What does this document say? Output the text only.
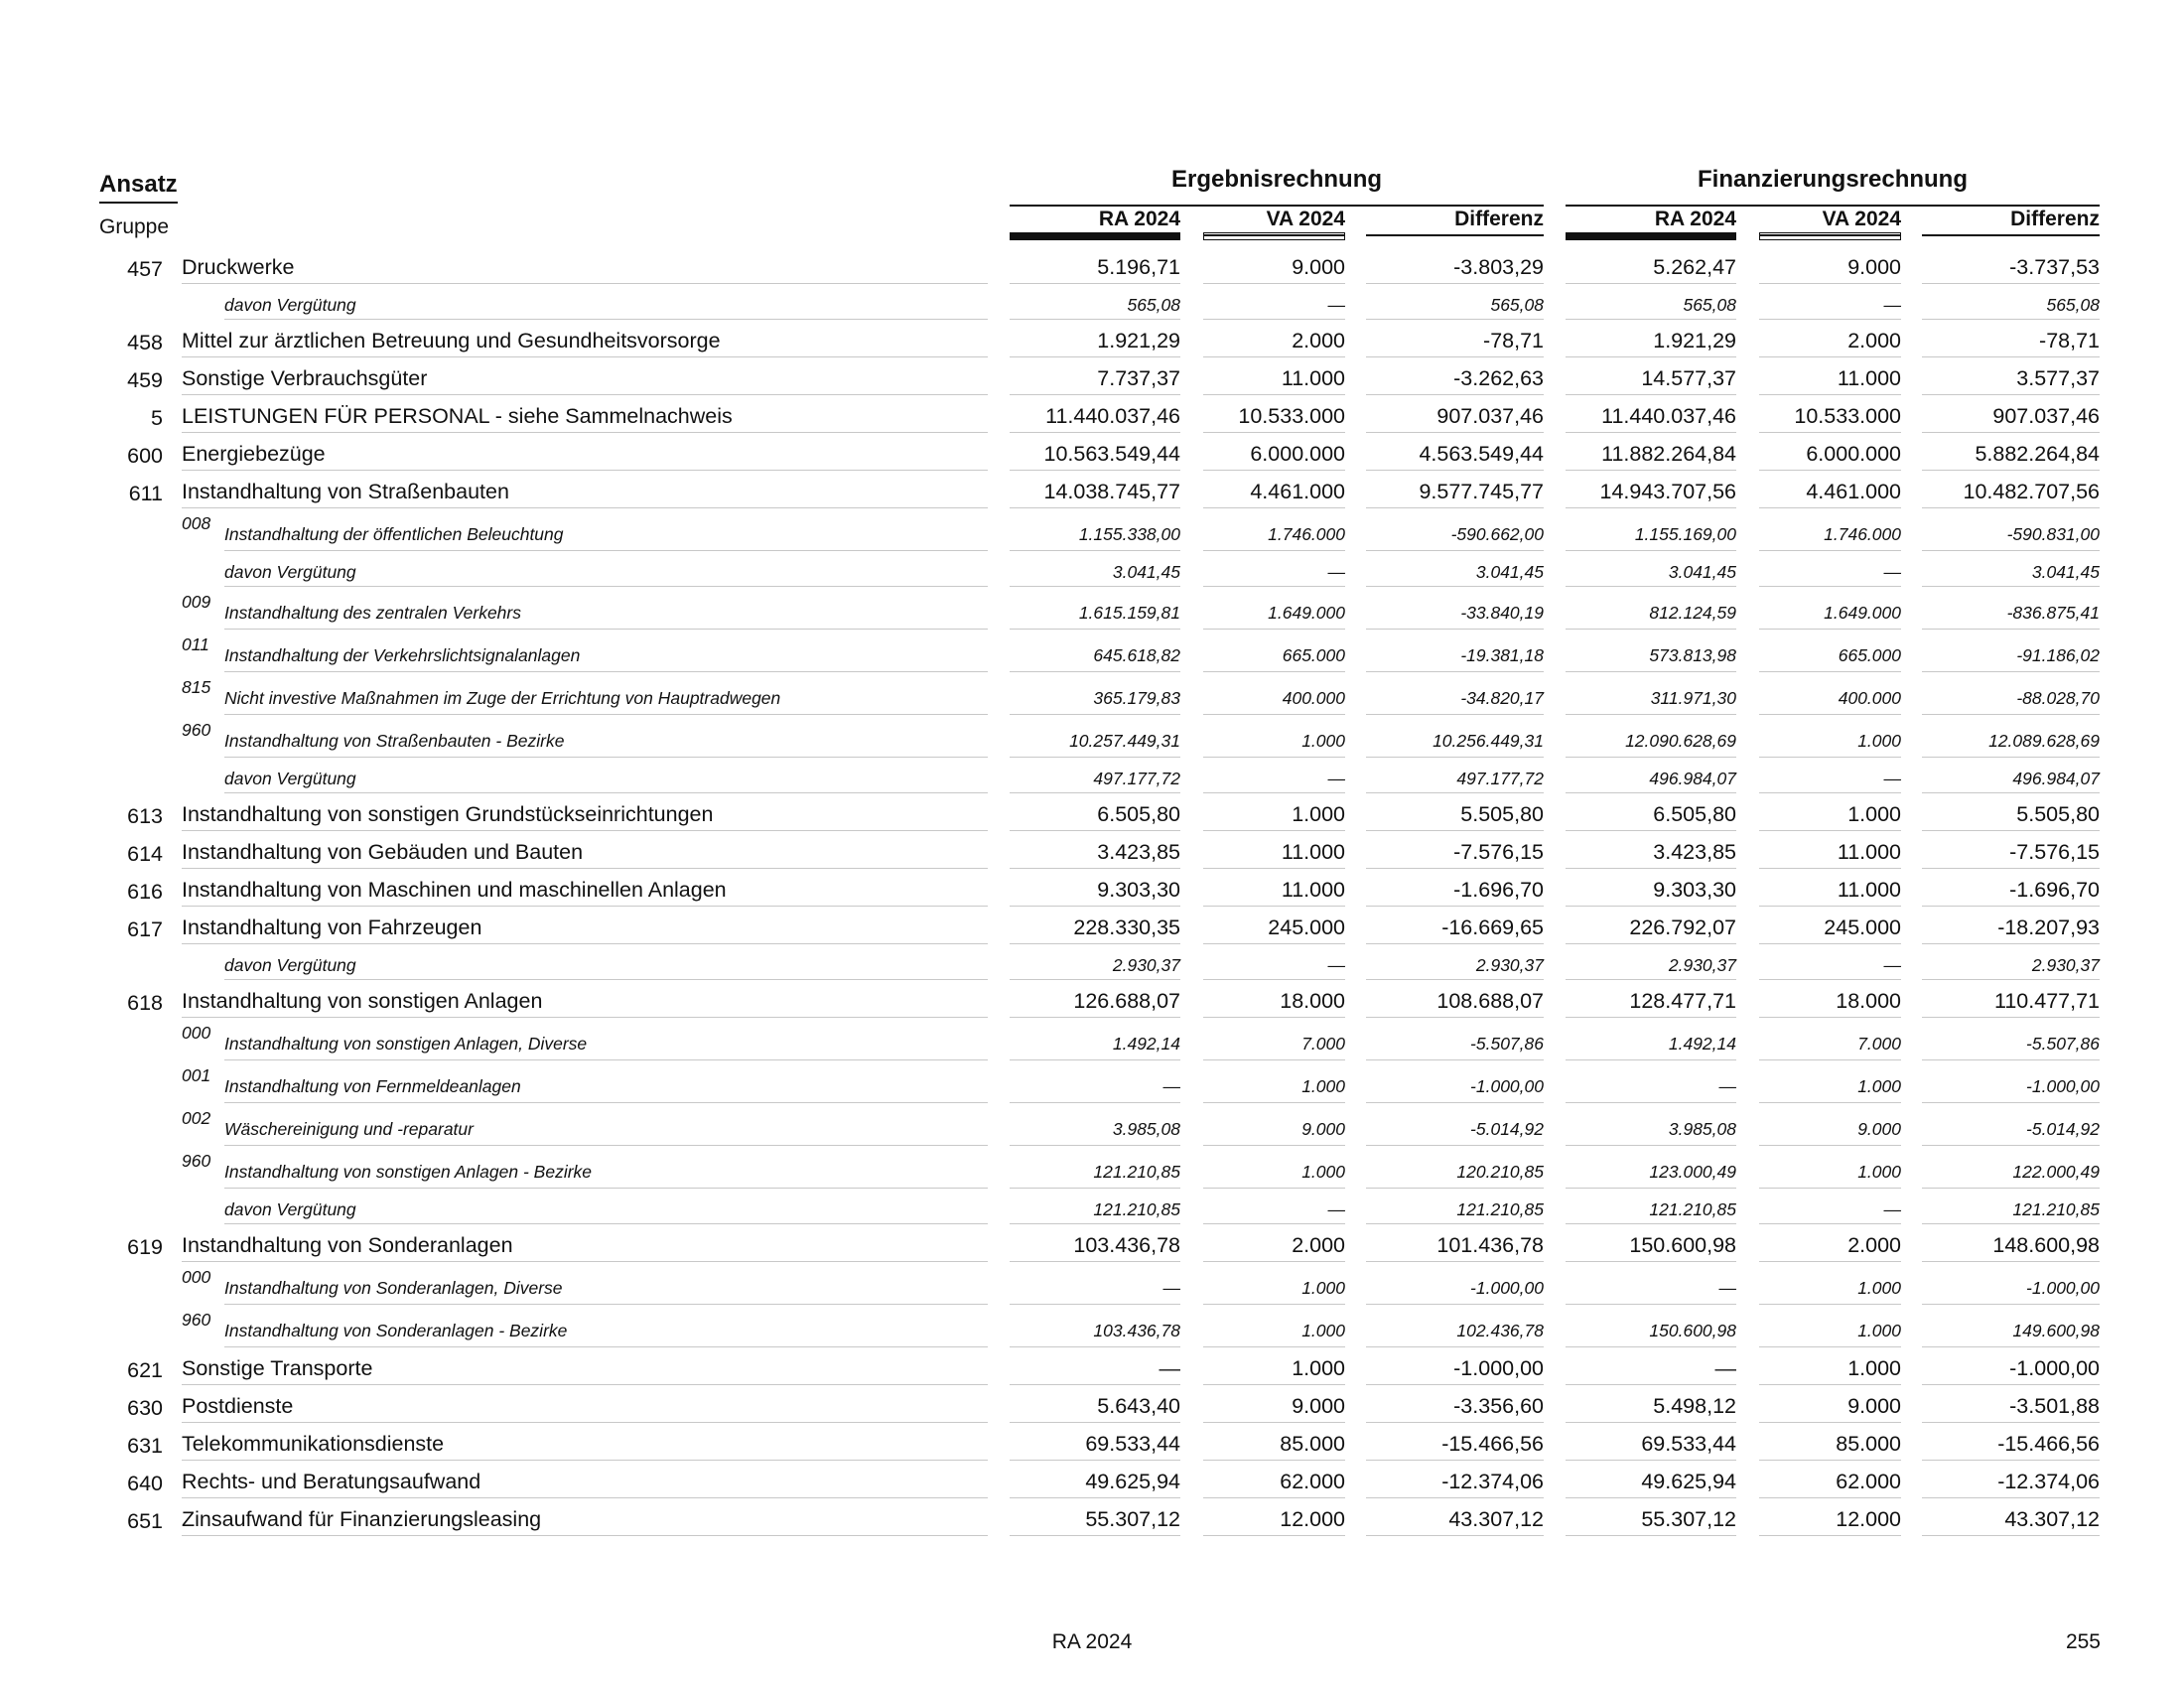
Ansatz
Gruppe
Ergebnisrechnung	Finanzierungsrechnung
RA 2024	VA 2024	Differenz	RA 2024	VA 2024	Differenz
457 Druckwerke	5.196,71	9.000	-3.803,29	5.262,47	9.000	-3.737,53
davon Vergütung	565,08	—	565,08	565,08	—	565,08
458 Mittel zur ärztlichen Betreuung und Gesundheitsvorsorge	1.921,29	2.000	-78,71	1.921,29	2.000	-78,71
459 Sonstige Verbrauchsgüter	7.737,37	11.000	-3.262,63	14.577,37	11.000	3.577,37
5 LEISTUNGEN FÜR PERSONAL - siehe Sammelnachweis	11.440.037,46	10.533.000	907.037,46	11.440.037,46	10.533.000	907.037,46
600 Energiebezüge	10.563.549,44	6.000.000	4.563.549,44	11.882.264,84	6.000.000	5.882.264,84
611 Instandhaltung von Straßenbauten	14.038.745,77	4.461.000	9.577.745,77	14.943.707,56	4.461.000	10.482.707,56
008
Instandhaltung der öffentlichen Beleuchtung	1.155.338,00	1.746.000	-590.662,00	1.155.169,00	1.746.000	-590.831,00
davon Vergütung	3.041,45	—	3.041,45	3.041,45	—	3.041,45
009
Instandhaltung des zentralen Verkehrs	1.615.159,81	1.649.000	-33.840,19	812.124,59	1.649.000	-836.875,41
011
Instandhaltung der Verkehrslichtsignalanlagen	645.618,82	665.000	-19.381,18	573.813,98	665.000	-91.186,02
815
Nicht investive Maßnahmen im Zuge der Errichtung von Hauptradwegen	365.179,83	400.000	-34.820,17	311.971,30	400.000	-88.028,70
960
Instandhaltung von Straßenbauten - Bezirke	10.257.449,31	1.000	10.256.449,31	12.090.628,69	1.000	12.089.628,69
davon Vergütung	497.177,72	—	497.177,72	496.984,07	—	496.984,07
613 Instandhaltung von sonstigen Grundstückseinrichtungen	6.505,80	1.000	5.505,80	6.505,80	1.000	5.505,80
614 Instandhaltung von Gebäuden und Bauten	3.423,85	11.000	-7.576,15	3.423,85	11.000	-7.576,15
616 Instandhaltung von Maschinen und maschinellen Anlagen	9.303,30	11.000	-1.696,70	9.303,30	11.000	-1.696,70
617 Instandhaltung von Fahrzeugen	228.330,35	245.000	-16.669,65	226.792,07	245.000	-18.207,93
davon Vergütung	2.930,37	—	2.930,37	2.930,37	—	2.930,37
618 Instandhaltung von sonstigen Anlagen	126.688,07	18.000	108.688,07	128.477,71	18.000	110.477,71
000
Instandhaltung von sonstigen Anlagen, Diverse	1.492,14	7.000	-5.507,86	1.492,14	7.000	-5.507,86
001
Instandhaltung von Fernmeldeanlagen	—	1.000	-1.000,00	—	1.000	-1.000,00
002
Wäschereinigung und -reparatur	3.985,08	9.000	-5.014,92	3.985,08	9.000	-5.014,92
960
Instandhaltung von sonstigen Anlagen - Bezirke	121.210,85	1.000	120.210,85	123.000,49	1.000	122.000,49
davon Vergütung	121.210,85	—	121.210,85	121.210,85	—	121.210,85
619 Instandhaltung von Sonderanlagen	103.436,78	2.000	101.436,78	150.600,98	2.000	148.600,98
000
Instandhaltung von Sonderanlagen, Diverse	—	1.000	-1.000,00	—	1.000	-1.000,00
960
Instandhaltung von Sonderanlagen - Bezirke	103.436,78	1.000	102.436,78	150.600,98	1.000	149.600,98
621 Sonstige Transporte	—	1.000	-1.000,00	—	1.000	-1.000,00
630 Postdienste	5.643,40	9.000	-3.356,60	5.498,12	9.000	-3.501,88
631 Telekommunikationsdienste	69.533,44	85.000	-15.466,56	69.533,44	85.000	-15.466,56
640 Rechts- und Beratungsaufwand	49.625,94	62.000	-12.374,06	49.625,94	62.000	-12.374,06
651 Zinsaufwand für Finanzierungsleasing	55.307,12	12.000	43.307,12	55.307,12	12.000	43.307,12
RA 2024	255
